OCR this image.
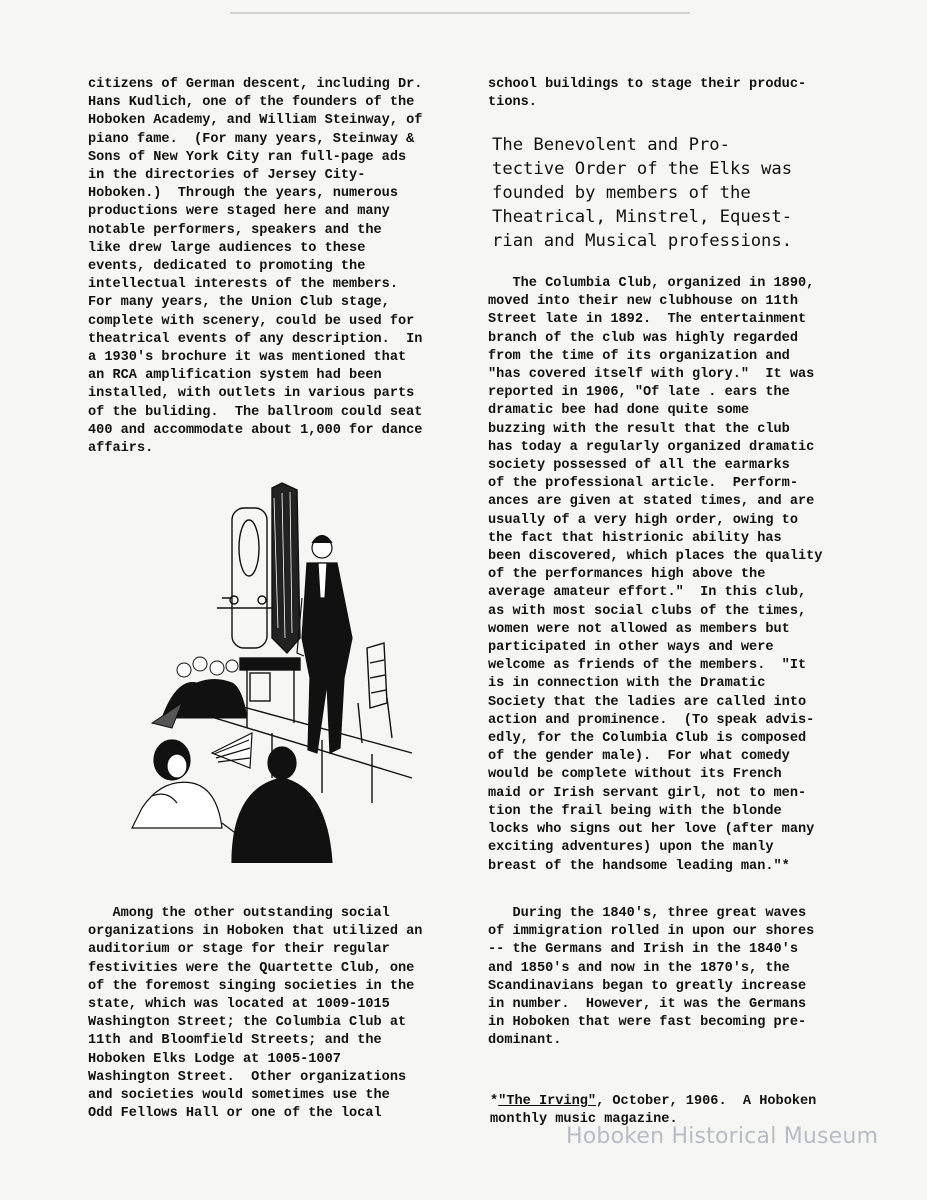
citizens of German descent, including Dr.
Hans Kudlich, one of the founders of the
Hoboken Academy, and William Steinway, of
piano fame.  (For many years, Steinway &
Sons of New York City ran full-page ads
in the directories of Jersey City-
Hoboken.)  Through the years, numerous
productions were staged here and many
notable performers, speakers and the
like drew large audiences to these
events, dedicated to promoting the
intellectual interests of the members.
For many years, the Union Club stage,
complete with scenery, could be used for
theatrical events of any description.  In
a 1930's brochure it was mentioned that
an RCA amplification system had been
installed, with outlets in various parts
of the buliding.  The ballroom could seat
400 and accommodate about 1,000 for dance
affairs.
school buildings to stage their produc-
tions.
The Benevolent and Pro-
tective Order of the Elks was
founded by members of the
Theatrical, Minstrel, Equest-
rian and Musical professions.
The Columbia Club, organized in 1890,
moved into their new clubhouse on 11th
Street late in 1892.  The entertainment
branch of the club was highly regarded
from the time of its organization and
"has covered itself with glory."  It was
reported in 1906, "Of late . ears the
dramatic bee had done quite some
buzzing with the result that the club
has today a regularly organized dramatic
society possessed of all the earmarks
of the professional article.  Perform-
ances are given at stated times, and are
usually of a very high order, owing to
the fact that histrionic ability has
been discovered, which places the quality
of the performances high above the
average amateur effort."  In this club,
as with most social clubs of the times,
women were not allowed as members but
participated in other ways and were
welcome as friends of the members.  "It
is in connection with the Dramatic
Society that the ladies are called into
action and prominence.  (To speak advis-
edly, for the Columbia Club is composed
of the gender male).  For what comedy
would be complete without its French
maid or Irish servant girl, not to men-
tion the frail being with the blonde
locks who signs out her love (after many
exciting adventures) upon the manly
breast of the handsome leading man."*
Among the other outstanding social
organizations in Hoboken that utilized an
auditorium or stage for their regular
festivities were the Quartette Club, one
of the foremost singing societies in the
state, which was located at 1009-1015
Washington Street; the Columbia Club at
11th and Bloomfield Streets; and the
Hoboken Elks Lodge at 1005-1007
Washington Street.  Other organizations
and societies would sometimes use the
Odd Fellows Hall or one of the local
During the 1840's, three great waves
of immigration rolled in upon our shores
-- the Germans and Irish in the 1840's
and 1850's and now in the 1870's, the
Scandinavians began to greatly increase
in number.  However, it was the Germans
in Hoboken that were fast becoming pre-
dominant.
*"The Irving", October, 1906.  A Hoboken
monthly music magazine.
Hoboken Historical Museum
